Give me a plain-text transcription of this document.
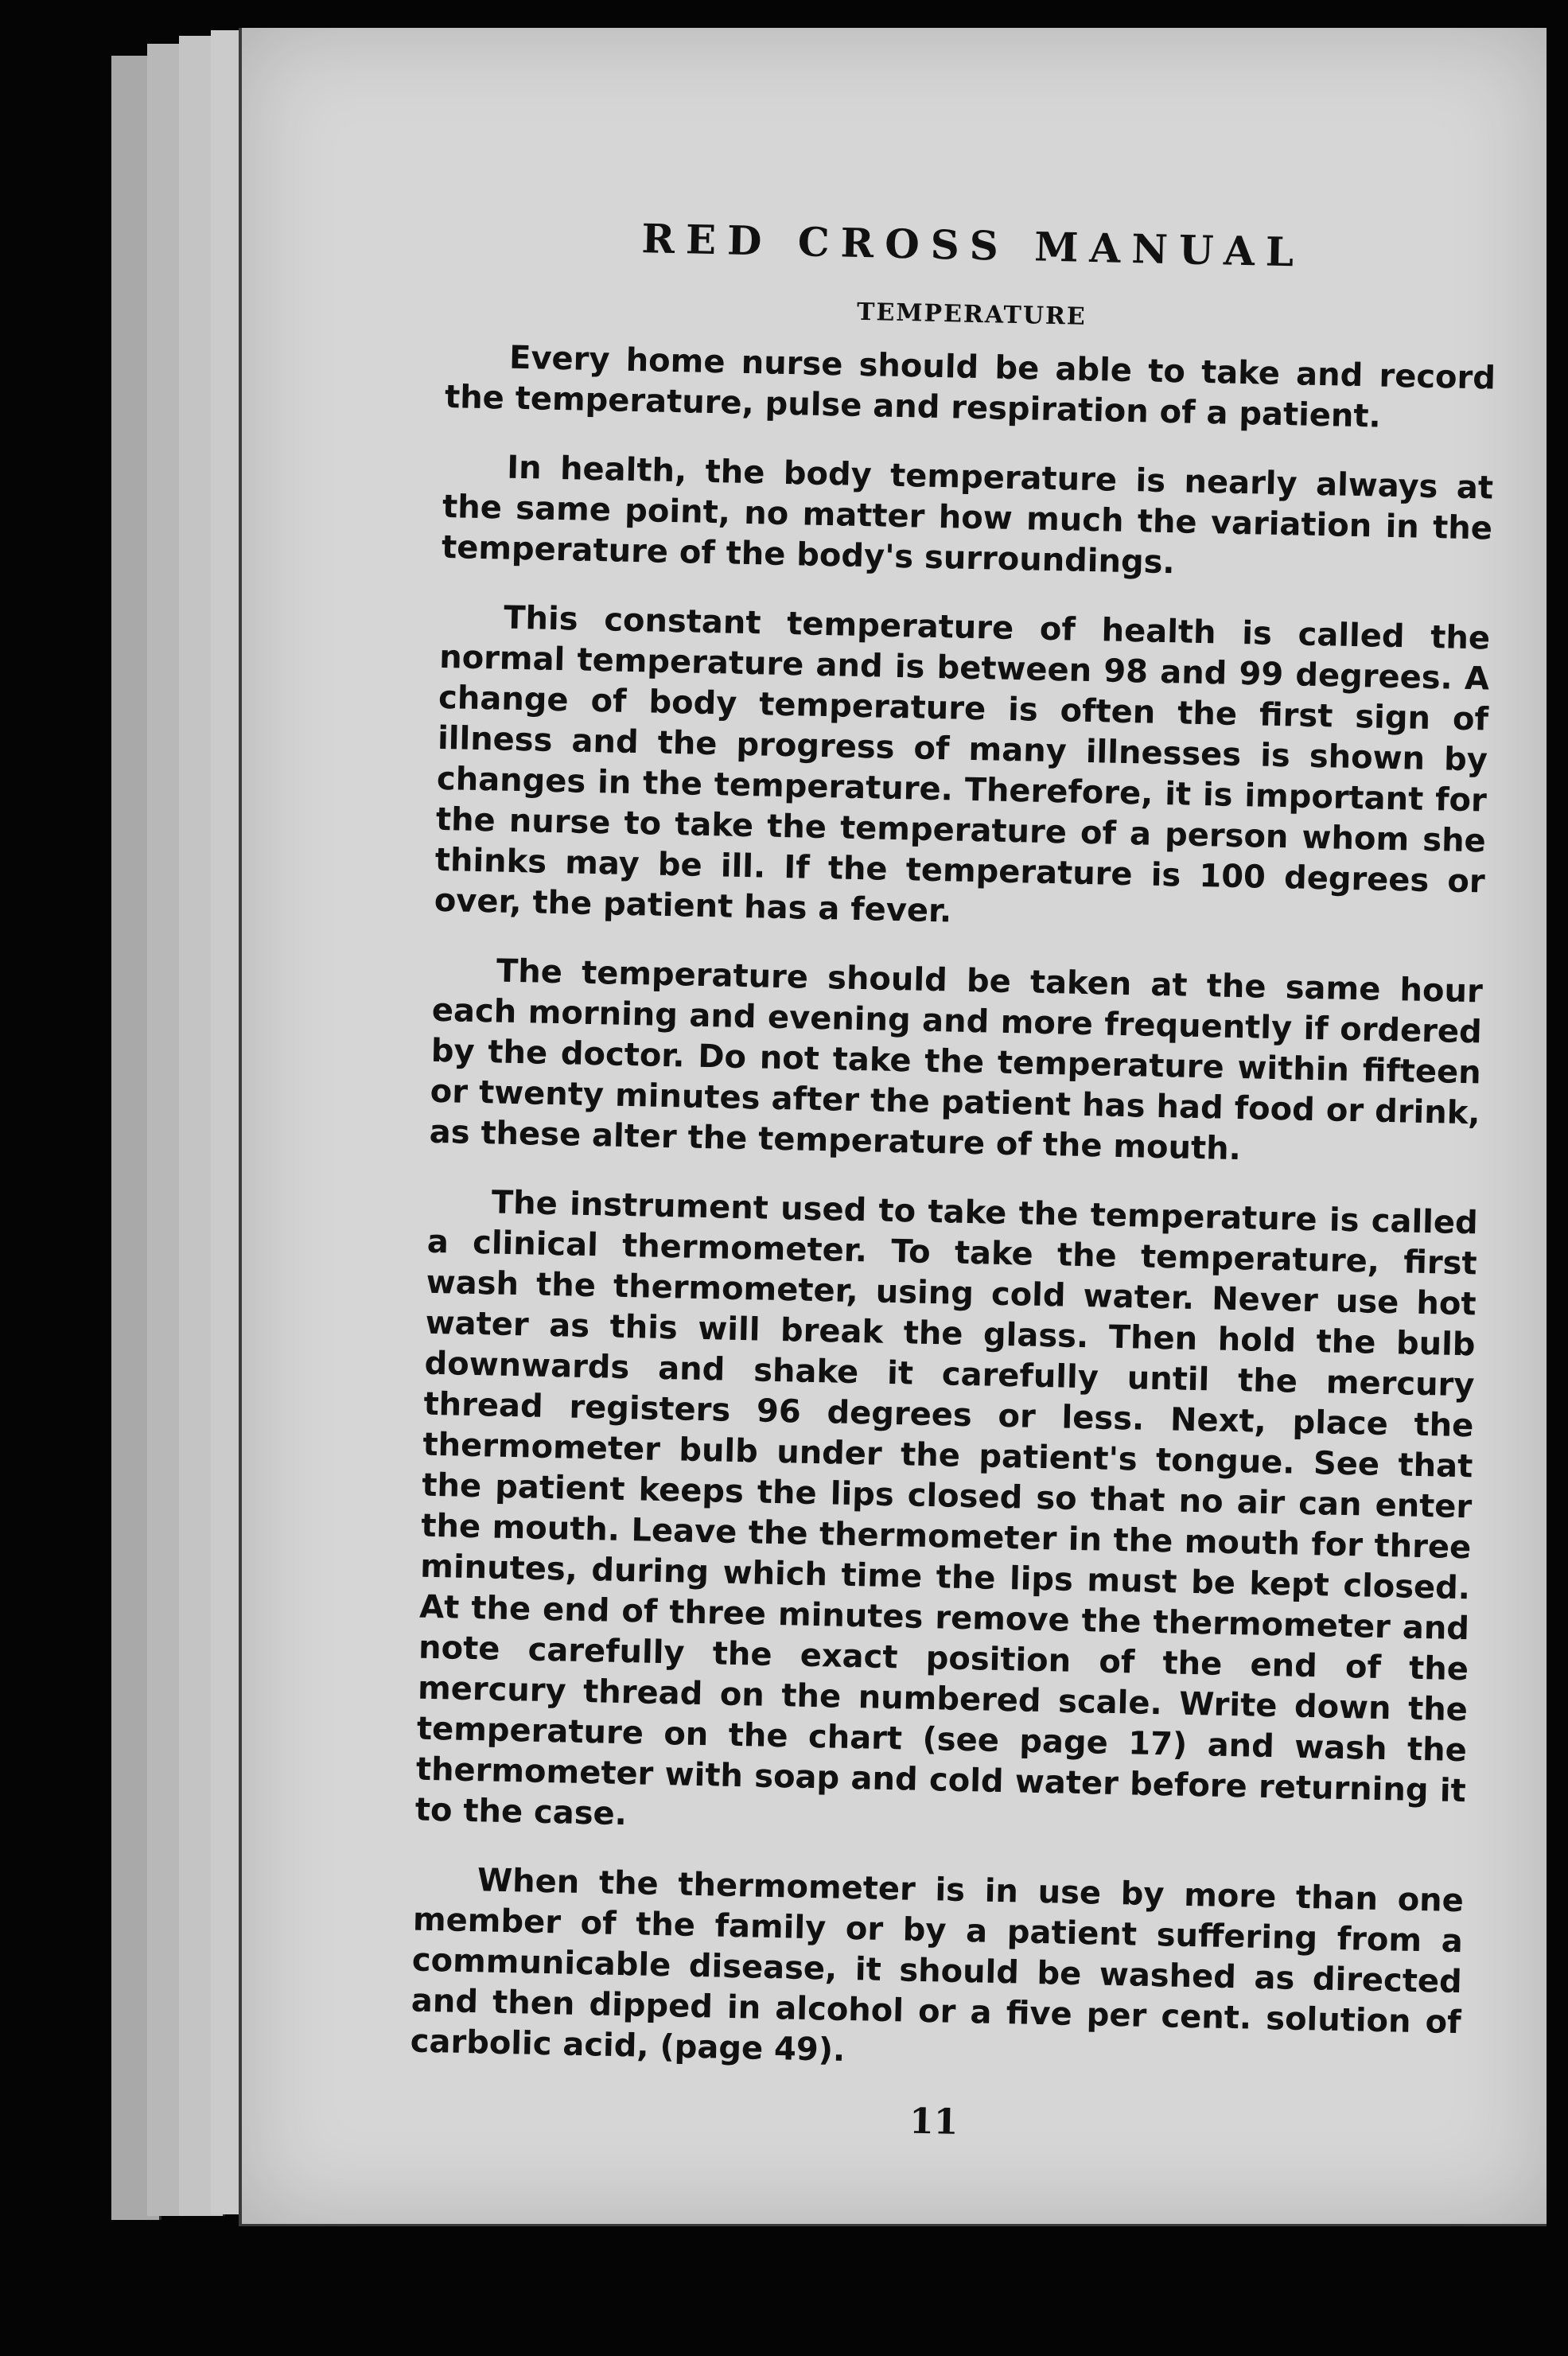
RED CROSS MANUAL
TEMPERATURE

Every home nurse should be able to take and record the temperature, pulse and respiration of a patient.

In health, the body temperature is nearly always at the same point, no matter how much the variation in the temperature of the body's surroundings.

This constant temperature of health is called the normal temperature and is between 98 and 99 degrees. A change of body temperature is often the first sign of illness and the progress of many illnesses is shown by changes in the temperature. Therefore, it is important for the nurse to take the temperature of a person whom she thinks may be ill. If the temperature is 100 degrees or over, the patient has a fever.

The temperature should be taken at the same hour each morning and evening and more frequently if ordered by the doctor. Do not take the temperature within fifteen or twenty minutes after the patient has had food or drink, as these alter the temperature of the mouth.

The instrument used to take the temperature is called a clinical thermometer. To take the temperature, first wash the thermometer, using cold water. Never use hot water as this will break the glass. Then hold the bulb downwards and shake it carefully until the mercury thread registers 96 degrees or less. Next, place the thermometer bulb under the patient's tongue. See that the patient keeps the lips closed so that no air can enter the mouth. Leave the thermometer in the mouth for three minutes, during which time the lips must be kept closed. At the end of three minutes remove the thermometer and note carefully the exact position of the end of the mercury thread on the numbered scale. Write down the temperature on the chart (see page 17) and wash the thermometer with soap and cold water before returning it to the case.

When the thermometer is in use by more than one member of the family or by a patient suffering from a communicable disease, it should be washed as directed and then dipped in alcohol or a five per cent. solution of carbolic acid, (page 49).

11
